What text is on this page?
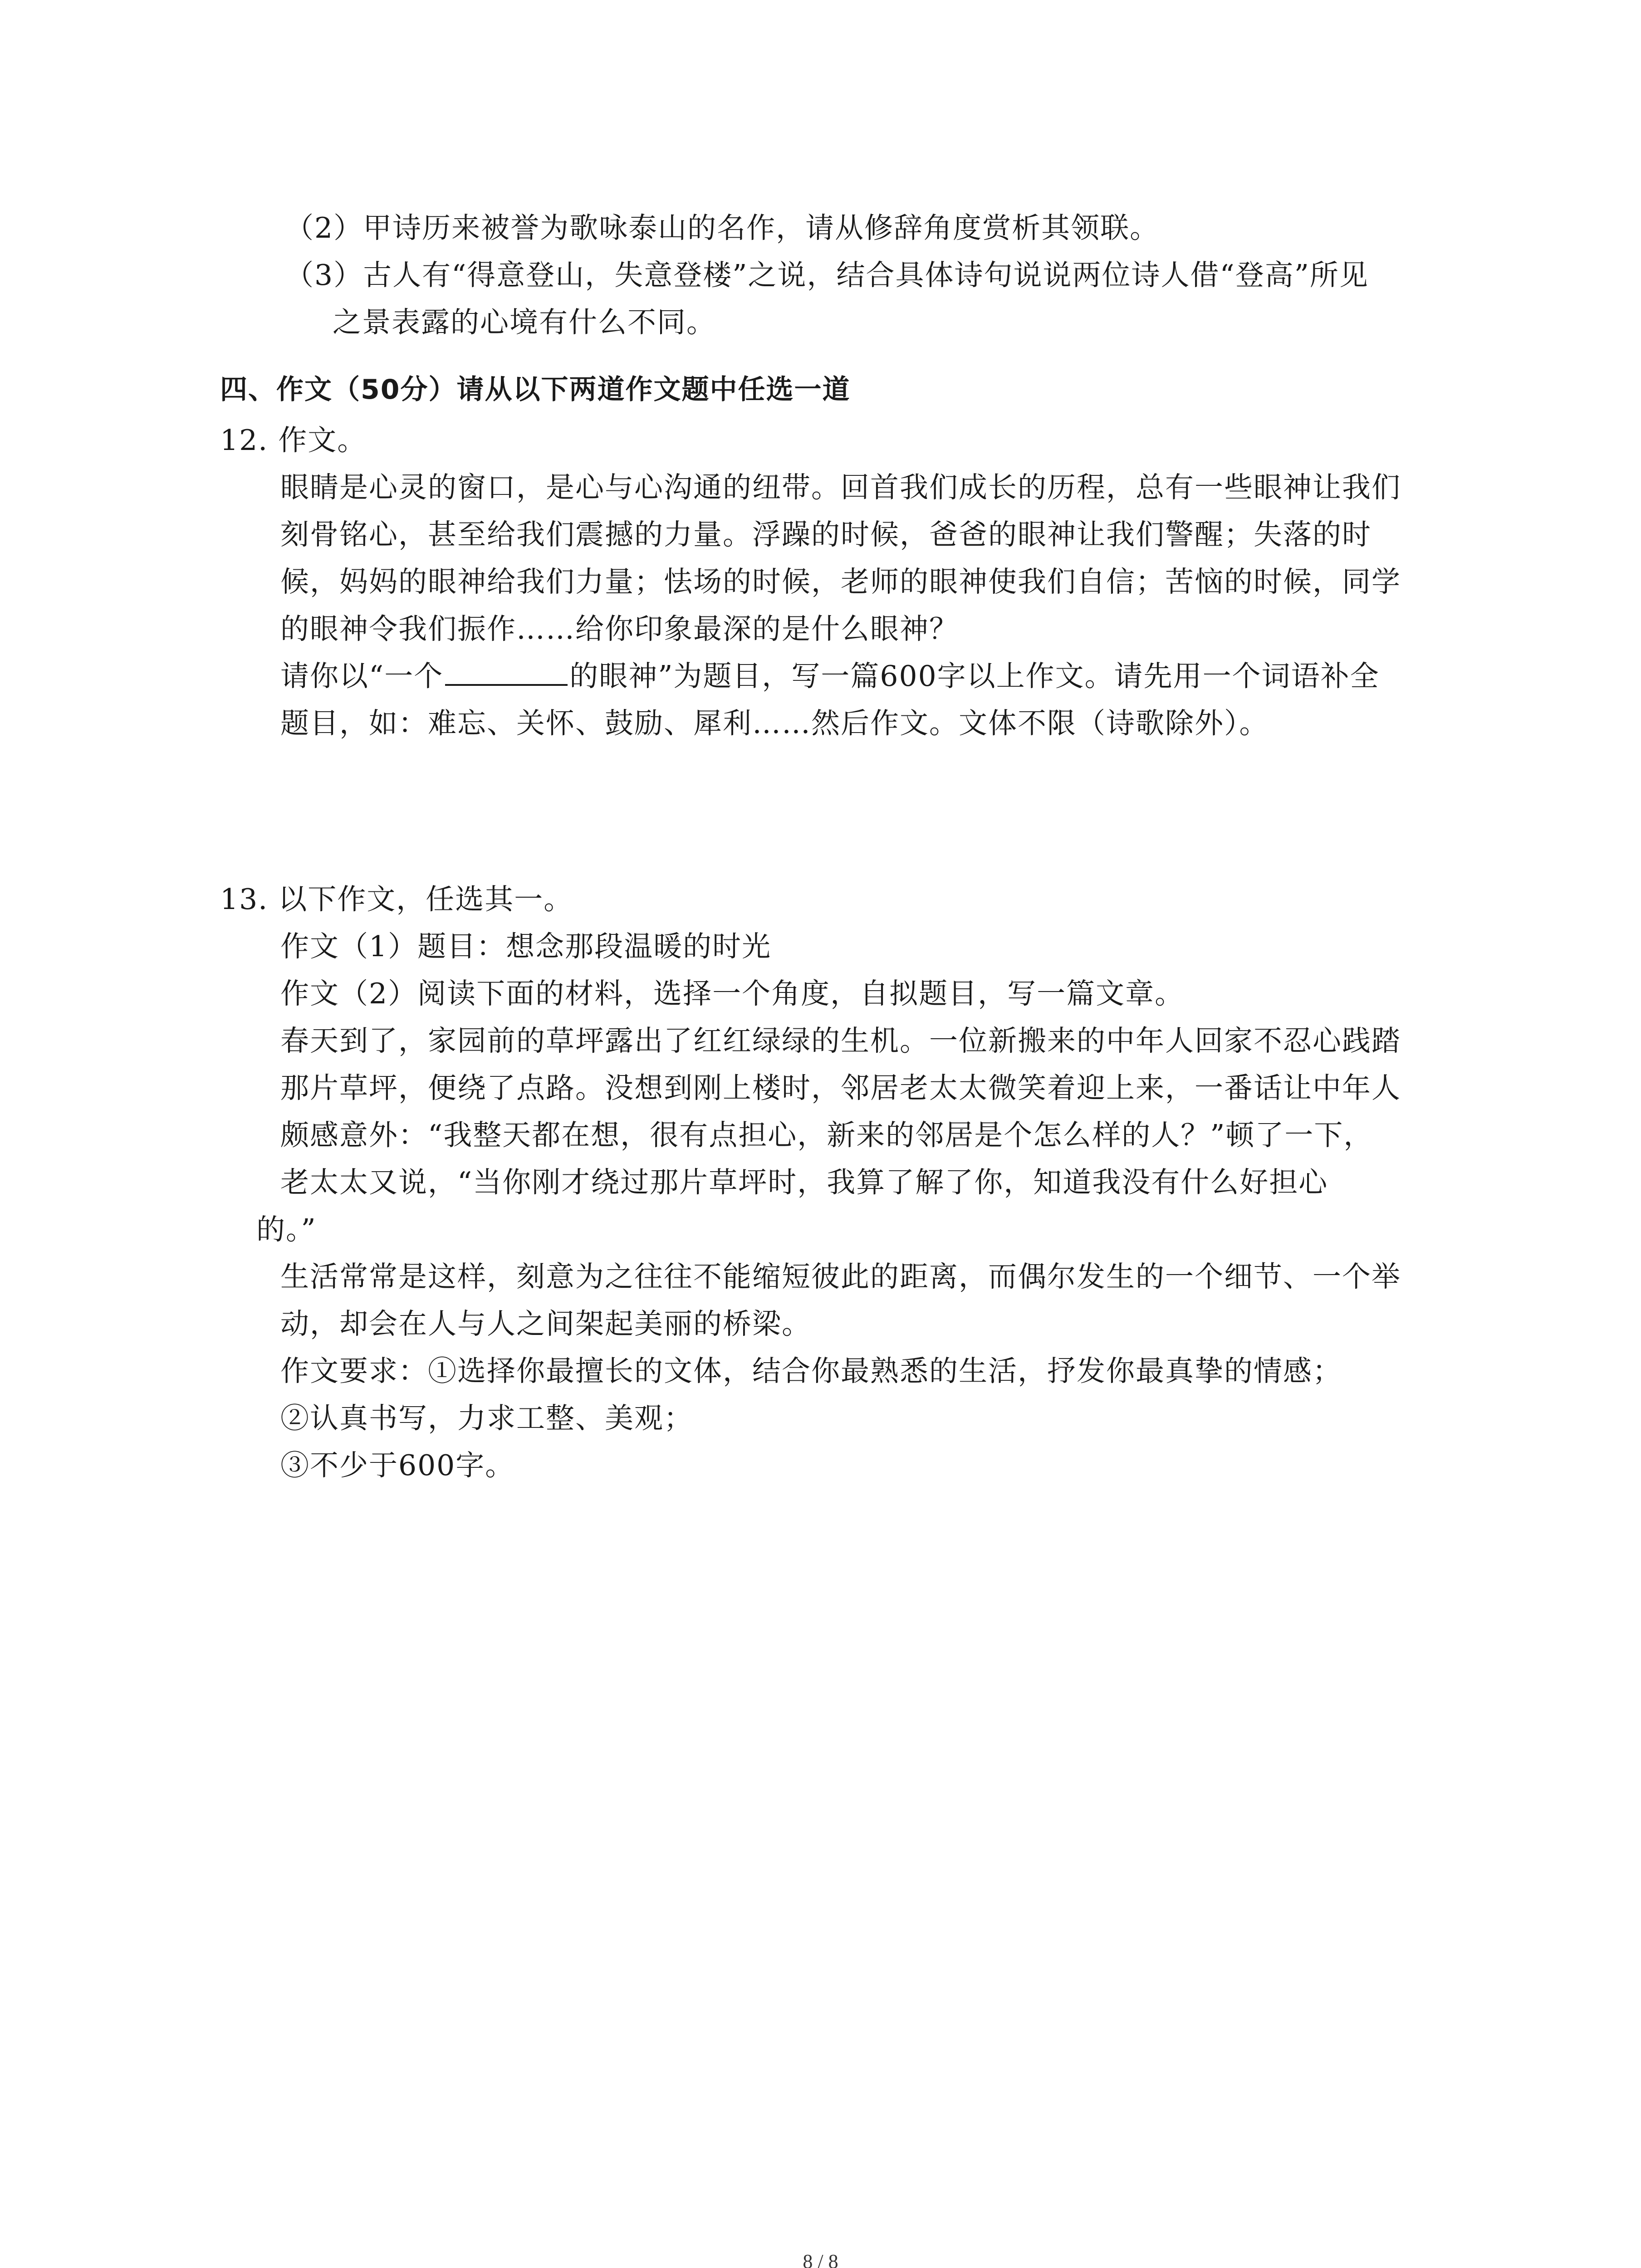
（2）甲诗历来被誉为歌咏泰山的名作，请从修辞角度赏析其领联。
（3）古人有“得意登山，失意登楼”之说，结合具体诗句说说两位诗人借“登高”所见
之景表露的心境有什么不同。
四、作文（50分）请从以下两道作文题中任选一道
12. 作文。
眼睛是心灵的窗口，是心与心沟通的纽带。回首我们成长的历程，总有一些眼神让我们
刻骨铭心，甚至给我们震撼的力量。浮躁的时候，爸爸的眼神让我们警醒；失落的时
候，妈妈的眼神给我们力量；怯场的时候，老师的眼神使我们自信；苦恼的时候，同学
的眼神令我们振作……给你印象最深的是什么眼神？
请你以“一个	的眼神”为题目，写一篇600字以上作文。请先用一个词语补全
题目，如：难忘、关怀、鼓励、犀利……然后作文。文体不限（诗歌除外）。
13. 以下作文，任选其一。
作文（1）题目：想念那段温暖的时光
作文（2）阅读下面的材料，选择一个角度，自拟题目，写一篇文章。
春天到了，家园前的草坪露出了红红绿绿的生机。一位新搬来的中年人回家不忍心践踏
那片草坪，便绕了点路。没想到刚上楼时，邻居老太太微笑着迎上来，一番话让中年人
颇感意外：“我整天都在想，很有点担心，新来的邻居是个怎么样的人？”顿了一下，
老太太又说，“当你刚才绕过那片草坪时，我算了解了你，知道我没有什么好担心
的。”
生活常常是这样，刻意为之往往不能缩短彼此的距离，而偶尔发生的一个细节、一个举
动，却会在人与人之间架起美丽的桥梁。
作文要求：①选择你最擅长的文体，结合你最熟悉的生活，抒发你最真挚的情感；
②认真书写，力求工整、美观；
③不少于600字。
8 / 8
